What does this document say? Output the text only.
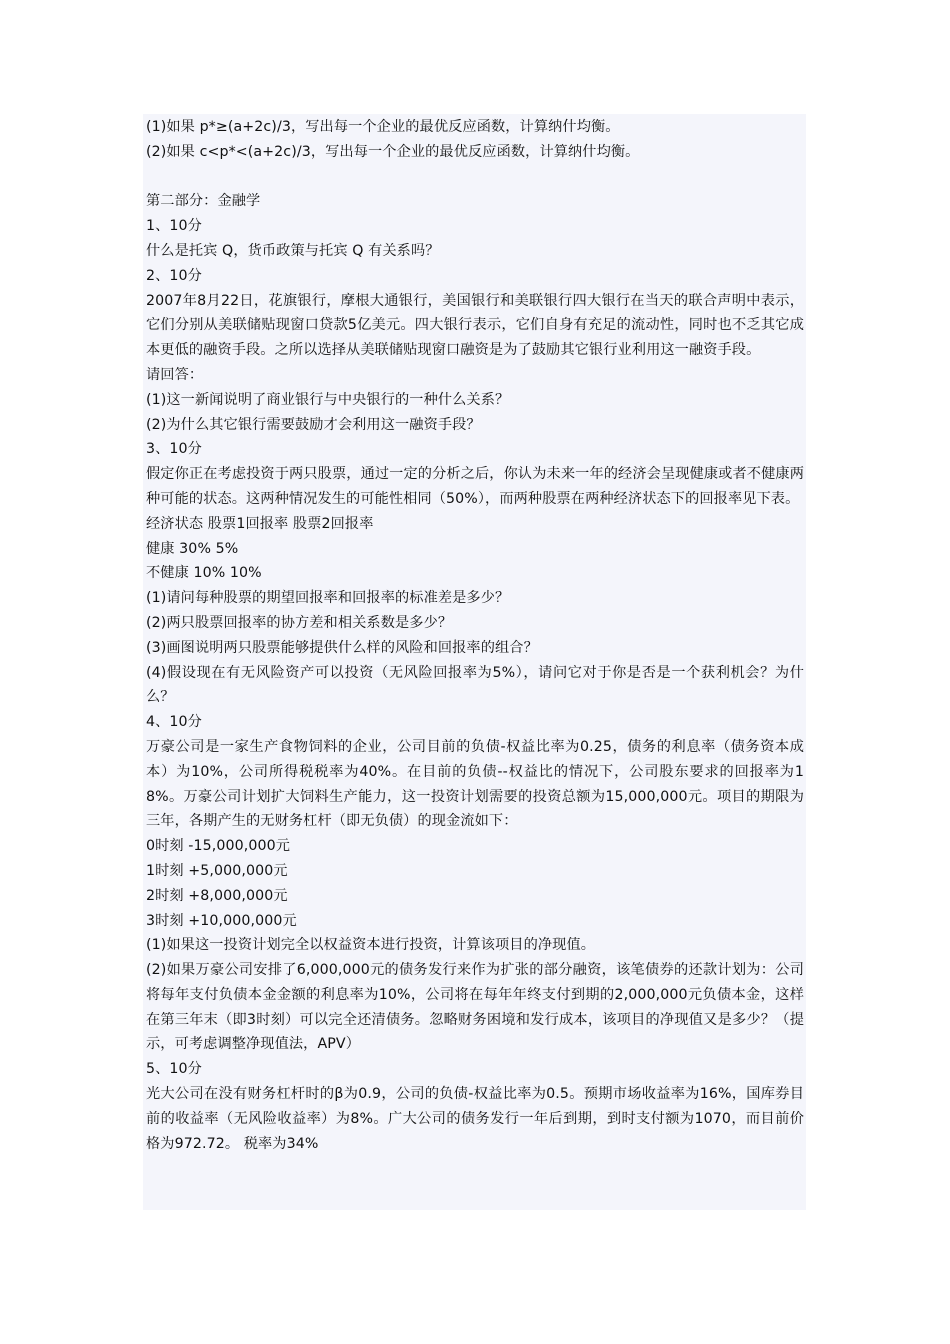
(1)如果 p*≥(a+2c)/3，写出每一个企业的最优反应函数，计算纳什均衡。
(2)如果 c<p*<(a+2c)/3，写出每一个企业的最优反应函数，计算纳什均衡。
第二部分：金融学
1、10分
什么是托宾 Q，货币政策与托宾 Q 有关系吗？
2、10分
2007年8月22日，花旗银行，摩根大通银行，美国银行和美联银行四大银行在当天的联合声明中表示，它们分别从美联储贴现窗口贷款5亿美元。四大银行表示，它们自身有充足的流动性，同时也不乏其它成本更低的融资手段。之所以选择从美联储贴现窗口融资是为了鼓励其它银行业利用这一融资手段。
请回答：
(1)这一新闻说明了商业银行与中央银行的一种什么关系？
(2)为什么其它银行需要鼓励才会利用这一融资手段？
3、10分
假定你正在考虑投资于两只股票，通过一定的分析之后，你认为未来一年的经济会呈现健康或者不健康两种可能的状态。这两种情况发生的可能性相同（50%），而两种股票在两种经济状态下的回报率见下表。
经济状态 股票1回报率 股票2回报率
健康 30% 5%
不健康 10% 10%
(1)请问每种股票的期望回报率和回报率的标准差是多少？
(2)两只股票回报率的协方差和相关系数是多少？
(3)画图说明两只股票能够提供什么样的风险和回报率的组合？
(4)假设现在有无风险资产可以投资（无风险回报率为5%），请问它对于你是否是一个获利机会？为什么？
4、10分
万豪公司是一家生产食物饲料的企业，公司目前的负债-权益比率为0.25，债务的利息率（债务资本成本）为10%，公司所得税税率为40%。在目前的负债--权益比的情况下，公司股东要求的回报率为18%。万豪公司计划扩大饲料生产能力，这一投资计划需要的投资总额为15,000,000元。项目的期限为三年，各期产生的无财务杠杆（即无负债）的现金流如下：
0时刻 -15,000,000元
1时刻 +5,000,000元
2时刻 +8,000,000元
3时刻 +10,000,000元
(1)如果这一投资计划完全以权益资本进行投资，计算该项目的净现值。
(2)如果万豪公司安排了6,000,000元的债务发行来作为扩张的部分融资，该笔债券的还款计划为：公司将每年支付负债本金金额的利息率为10%，公司将在每年年终支付到期的2,000,000元负债本金，这样在第三年末（即3时刻）可以完全还清债务。忽略财务困境和发行成本，该项目的净现值又是多少？（提示，可考虑调整净现值法，APV）
5、10分
光大公司在没有财务杠杆时的β为0.9，公司的负债-权益比率为0.5。预期市场收益率为16%，国库券目前的收益率（无风险收益率）为8%。广大公司的债务发行一年后到期，到时支付额为1070，而目前价格为972.72。 税率为34%
